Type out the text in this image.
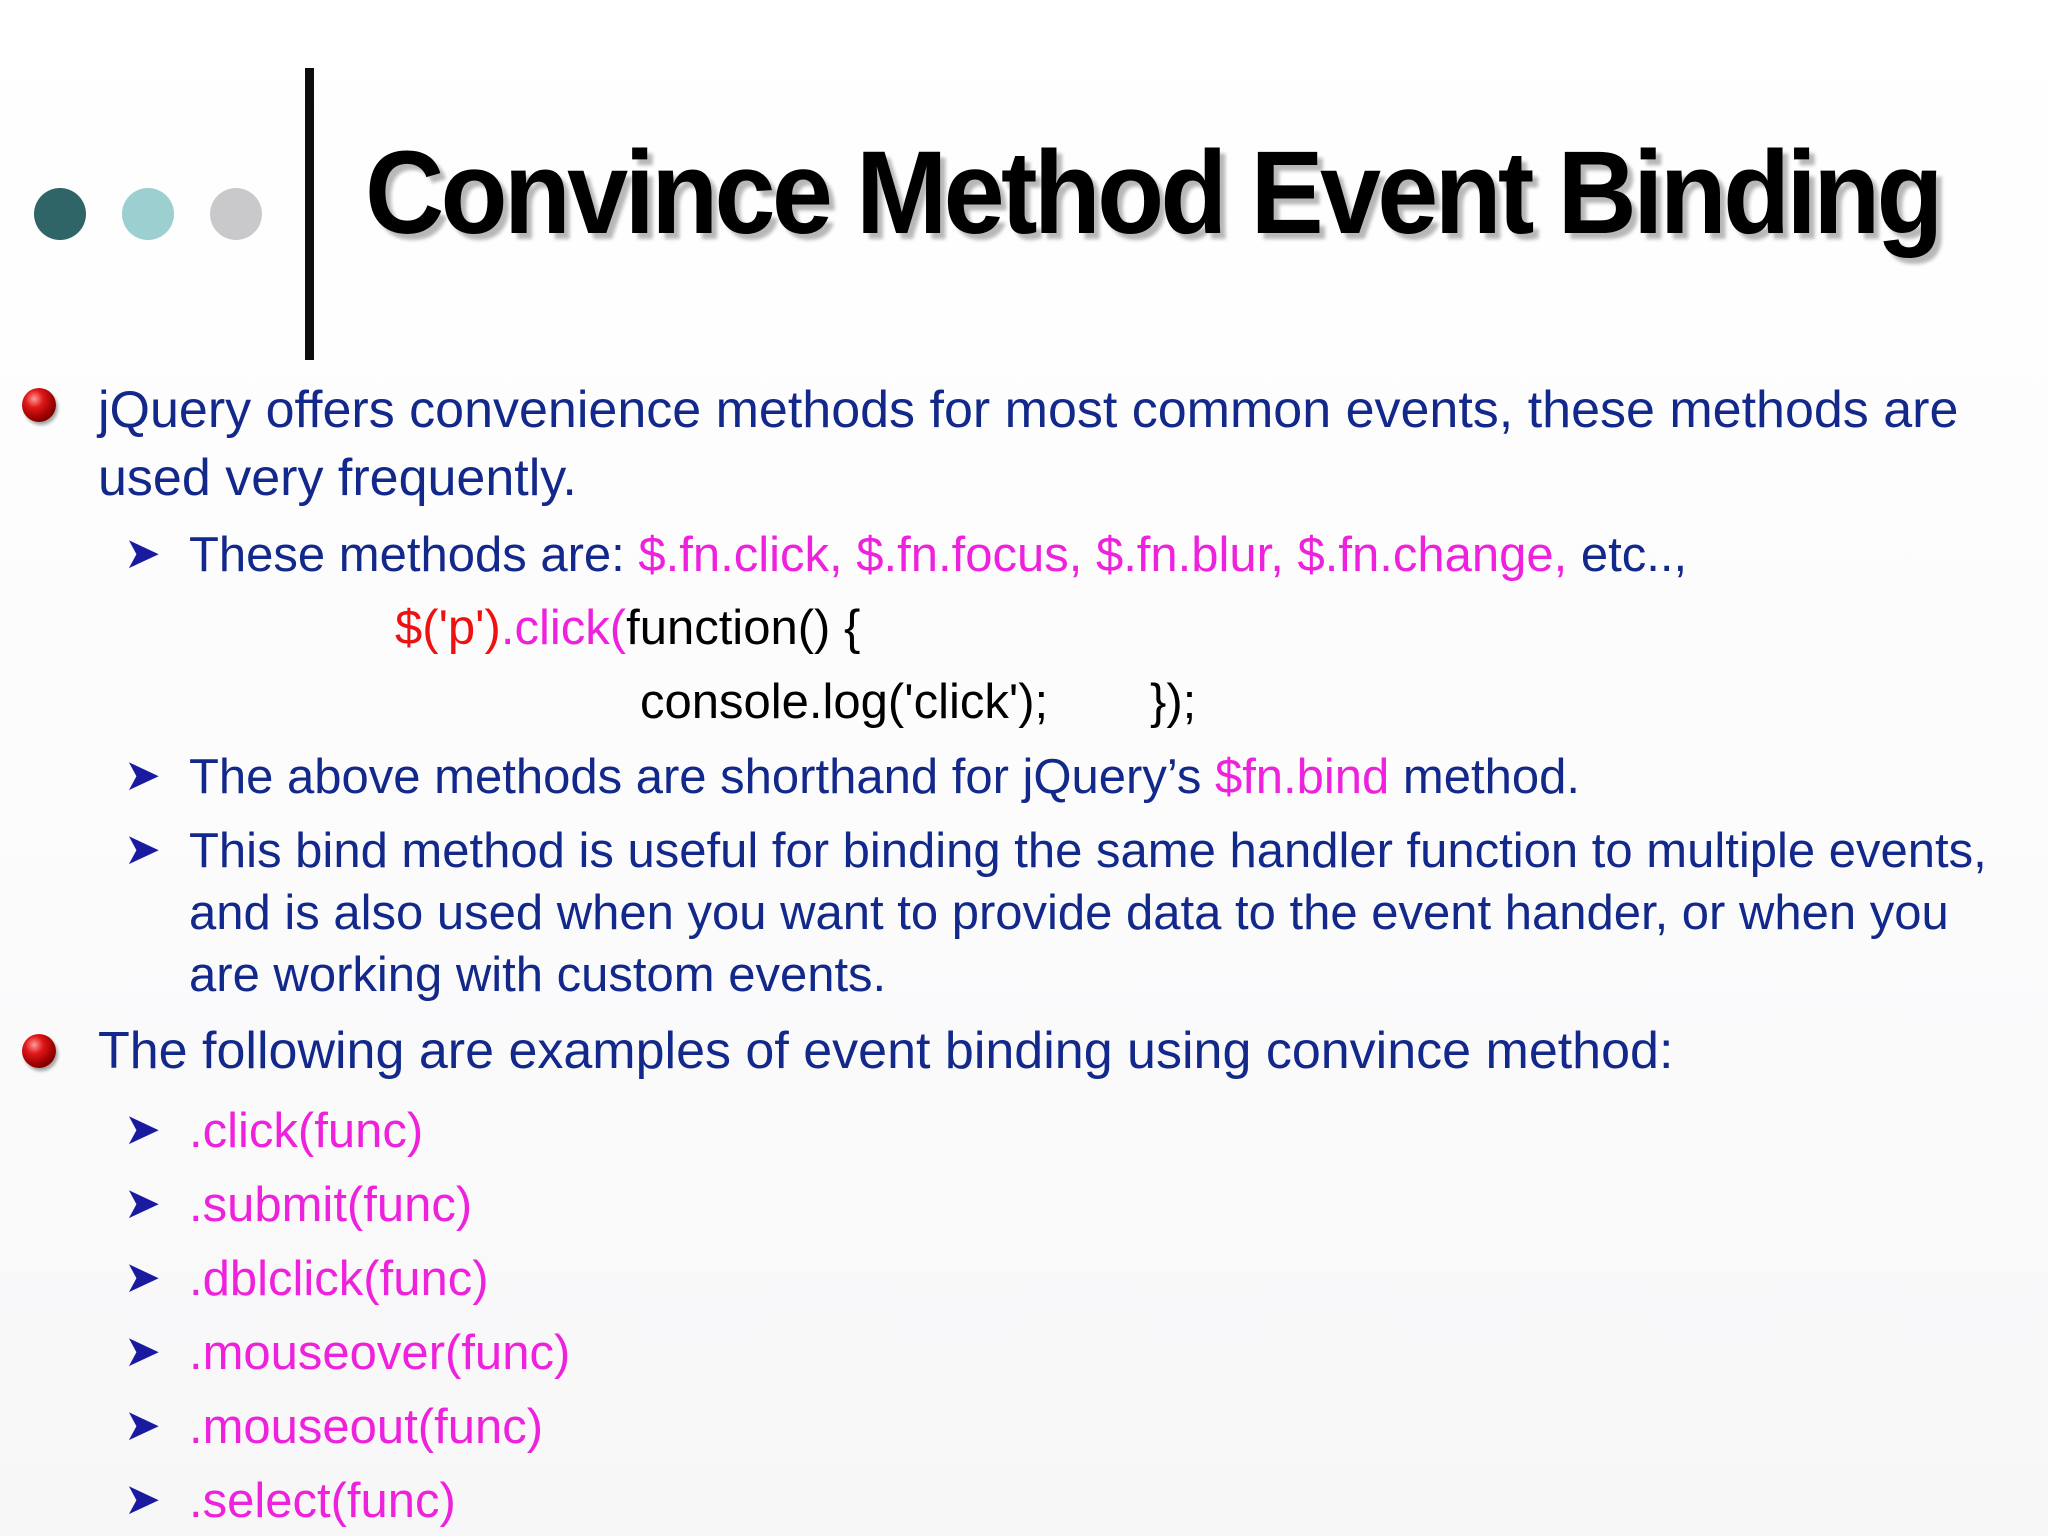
Convince Method Event Binding

jQuery offers convenience methods for most common events, these methods are used very frequently.

➤ These methods are: $.fn.click, $.fn.focus, $.fn.blur, $.fn.change, etc..,

$('p').click(function() {

console.log('click'); });

➤ The above methods are shorthand for jQuery’s $fn.bind method.

➤ This bind method is useful for binding the same handler function to multiple events, and is also used when you want to provide data to the event hander, or when you are working with custom events.

The following are examples of event binding using convince method:

➤ .click(func)

➤ .submit(func)

➤ .dblclick(func)

➤ .mouseover(func)

➤ .mouseout(func)

➤ .select(func)
